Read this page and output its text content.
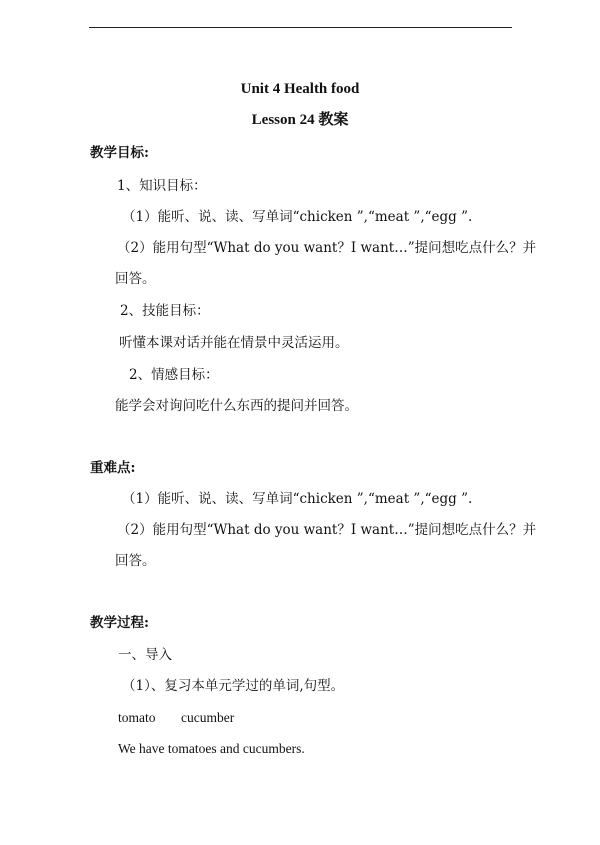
Unit 4 Health food
Lesson 24 教案
教学目标:
1、知识目标：
（1）能听、说、读、写单词“chicken ”,“meat ”,“egg ”.
（2）能用句型“What do you want？I want…”提问想吃点什么？并
回答。
2、技能目标：
听懂本课对话并能在情景中灵活运用。
2、情感目标：
能学会对询问吃什么东西的提问并回答。
重难点:
（1）能听、说、读、写单词“chicken ”,“meat ”,“egg ”.
（2）能用句型“What do you want？I want…”提问想吃点什么？并
回答。
教学过程:
一、导入
（1）、复习本单元学过的单词,句型。
tomato cucumber
We have tomatoes and cucumbers.
